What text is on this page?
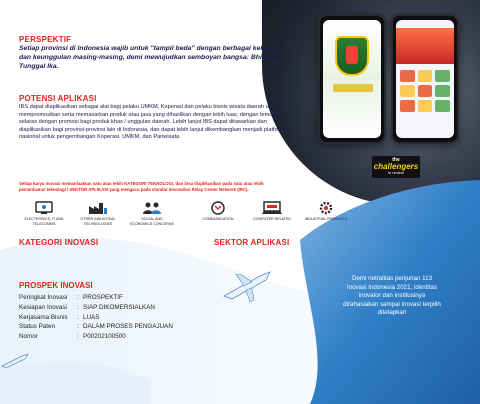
the
challengers
in review
PERSPEKTIF
Setiap provinsi di Indonesia wajib untuk "tampil beda" dengan berbagai kekhasan dan keunggulan masing-masing, demi mewujudkan semboyan bangsa: Bhinneka Tunggal Ika.
POTENSI APLIKASI
IBS dapat diaplikasikan sebagai alat bagi pelaku UMKM, Koperasi dan pelaku bisnis wisata daerah untuk mempromosikan serta memasarkan produk atau jasa yang dihasilkan dengan lebih luas; dengan tema yang selaras dengan promosi bagi produk khas / unggulan daerah. Lebih lanjut IBS dapat ditawarkan dan diaplikasikan bagi provinsi-provinsi lain di Indonesia, dan dapat lebih lanjut dikembangkan menjadi platform nasional untuk pengembangan Koperasi, UMKM, dan Pariwisata.
Setiap karya inovasi memanfaatkan satu atau lebih KATEGORI TEKNOLOGI, dan bisa diaplikasikan pada satu atau lebih pemanfaatan teknologi / SEKTOR APLIKASI yang mengacu pada standar Innovation Relay Center Network (IRC).
ELECTRONICS, IT AND TELECOMMS
OTHER INDUSTRIAL TECHNOLOGIES
SOCIAL AND ECONOMICS CONCERNS
COMMUNICATION	COMPUTER RELATED	INDUSTRIAL PRODUCTS
KATEGORI INOVASI	SEKTOR APLIKASI
PROSPEK INOVASI
Peringkat Inovasi	:	PROSPEKTIF
Kesiapan Inovasi	:	SIAP DIKOMERSIALKAN
Kerjasama Bisnis	:	LUAS
Status Paten	:	DALAM PROSES PENGAJUAN
Nomor	:	P00202100500
Demi netralitas penjurian 113 Inovasi Indonesia 2021, identitas inovator dan institusinya dirahasiakan sampai inovasi terpilih ditetapkan
